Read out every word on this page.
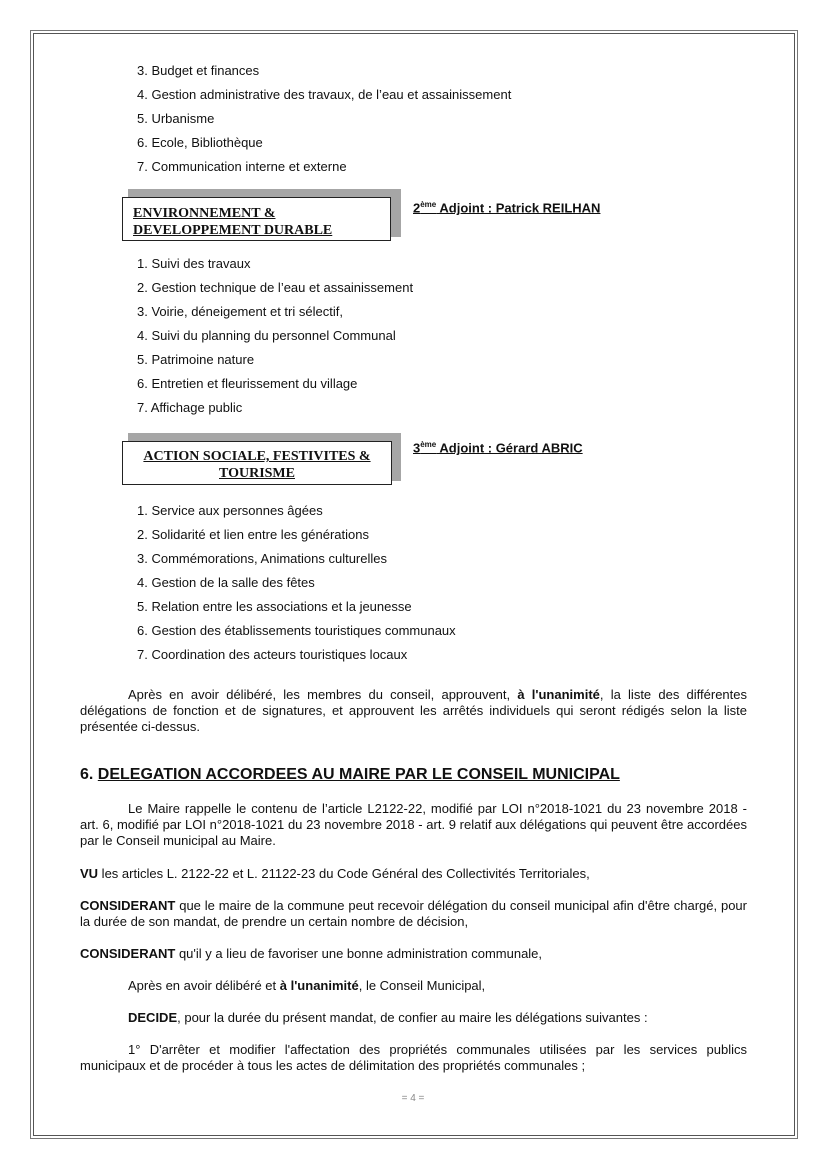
3. Budget et finances
4. Gestion administrative des travaux, de l’eau et assainissement
5. Urbanisme
6. Ecole, Bibliothèque
7. Communication interne et externe
ENVIRONNEMENT &
DEVELOPPEMENT DURABLE
2ème Adjoint : Patrick REILHAN
1. Suivi des travaux
2. Gestion technique de l’eau et assainissement
3. Voirie, déneigement et tri sélectif,
4. Suivi du planning du personnel Communal
5. Patrimoine nature
6. Entretien et fleurissement du village
7. Affichage public
ACTION SOCIALE, FESTIVITES &
TOURISME
3ème Adjoint : Gérard ABRIC
1. Service aux personnes âgées
2. Solidarité et lien entre les générations
3. Commémorations, Animations culturelles
4. Gestion de la salle des fêtes
5. Relation entre les associations et la jeunesse
6. Gestion des établissements touristiques communaux
7. Coordination des acteurs touristiques locaux
Après en avoir délibéré, les membres du conseil, approuvent, à l'unanimité, la liste des différentes délégations de fonction et de signatures, et approuvent les arrêtés individuels qui seront rédigés selon la liste présentée ci-dessus.
6. DELEGATION ACCORDEES AU MAIRE PAR LE CONSEIL MUNICIPAL
Le Maire rappelle le contenu de l’article L2122-22, modifié par LOI n°2018-1021 du 23 novembre 2018 - art. 6, modifié par LOI n°2018-1021 du 23 novembre 2018 - art. 9 relatif aux délégations qui peuvent être accordées par le Conseil municipal au Maire.
VU les articles L. 2122-22 et L. 21122-23 du Code Général des Collectivités Territoriales,
CONSIDERANT que le maire de la commune peut recevoir délégation du conseil municipal afin d'être chargé, pour la durée de son mandat, de prendre un certain nombre de décision,
CONSIDERANT qu'il y a lieu de favoriser une bonne administration communale,
Après en avoir délibéré et à l'unanimité, le Conseil Municipal,
DECIDE, pour la durée du présent mandat, de confier au maire les délégations suivantes :
1° D'arrêter et modifier l'affectation des propriétés communales utilisées par les services publics municipaux et de procéder à tous les actes de délimitation des propriétés communales ;
= 4 =
